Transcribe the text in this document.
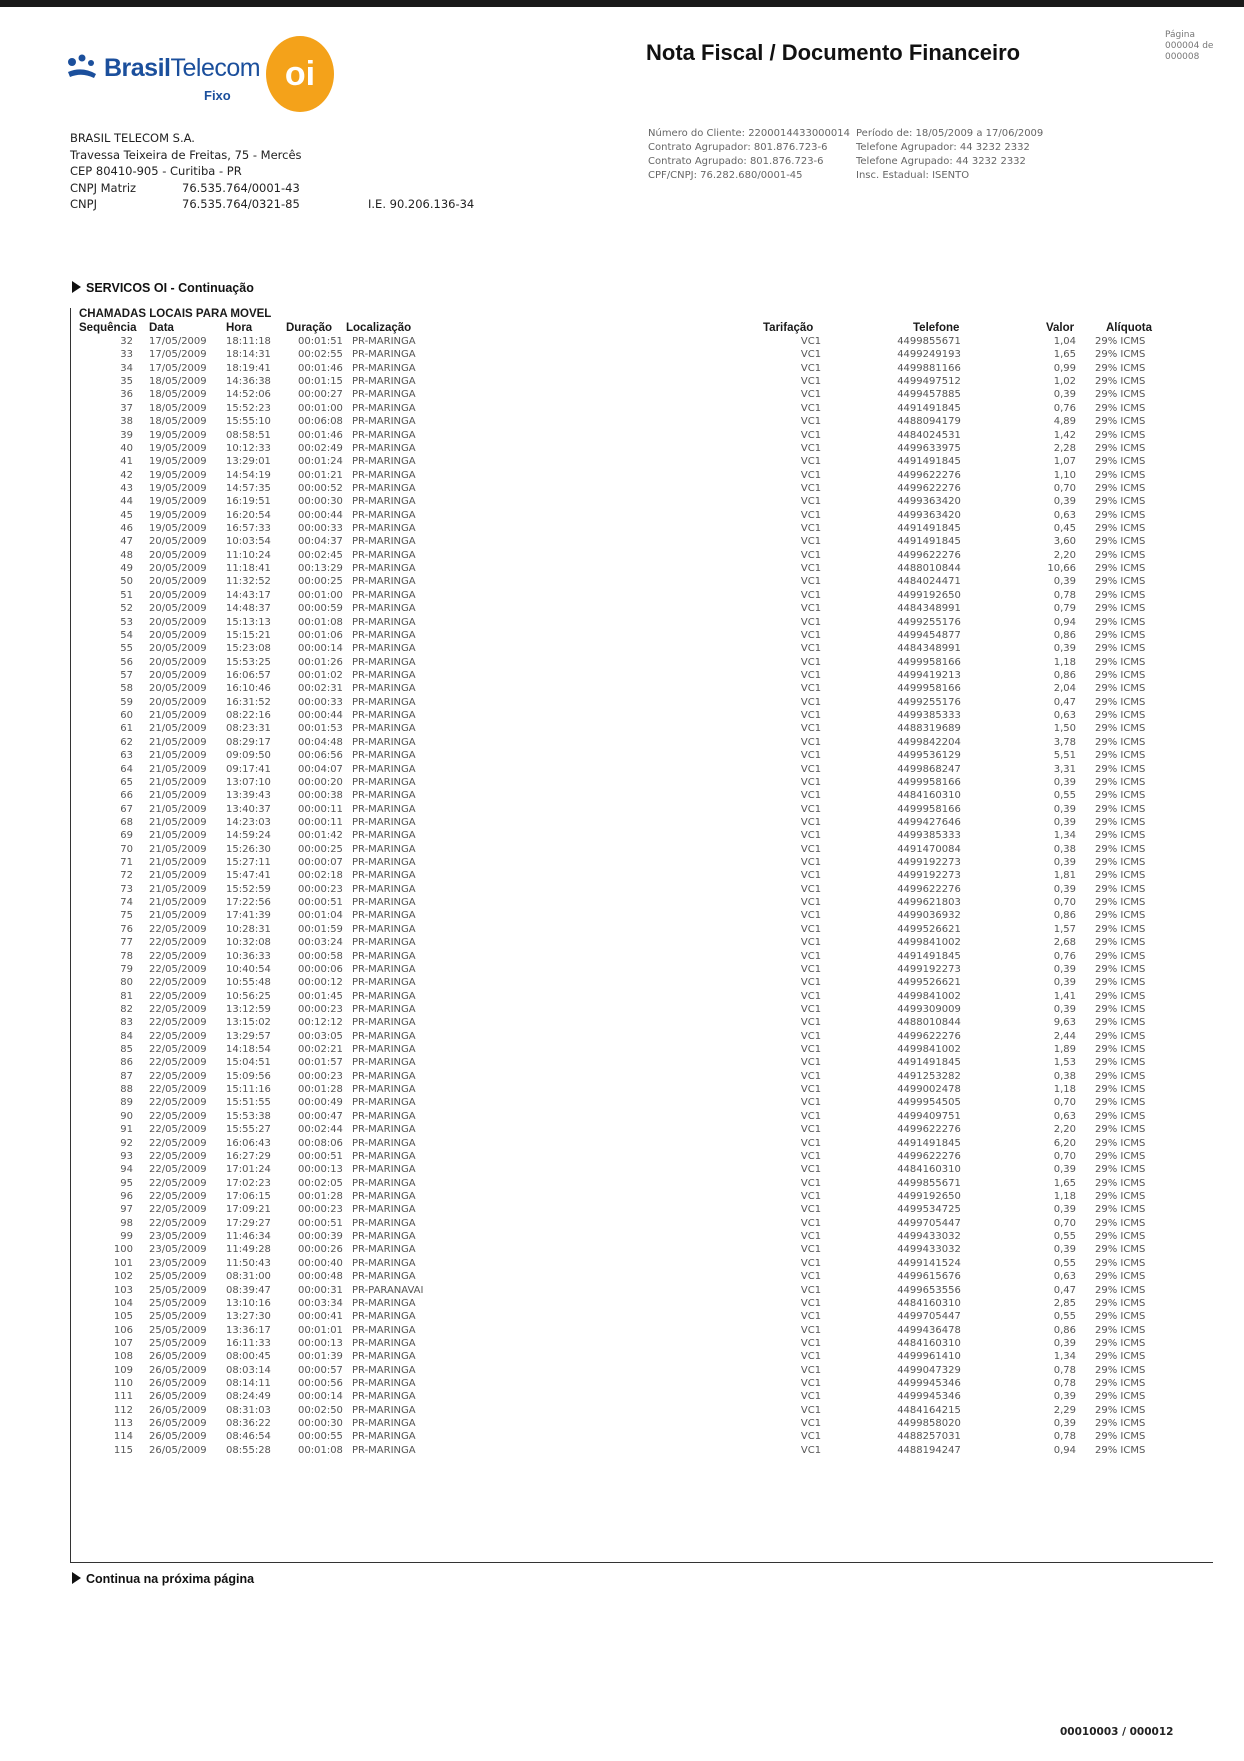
BrasilTelecom
Fixo
oi
Nota Fiscal / Documento Financeiro
Página
000004 de 000008
BRASIL TELECOM S.A.
Travessa Teixeira de Freitas, 75 - Mercês
CEP 80410-905 - Curitiba - PR
CNPJ Matriz	76.535.764/0001-43
CNPJ	76.535.764/0321-85	I.E. 90.206.136-34
Número do Cliente: 2200014433000014
Contrato Agrupador: 801.876.723-6
Contrato Agrupado: 801.876.723-6
CPF/CNPJ: 76.282.680/0001-45
Período de: 18/05/2009 a 17/06/2009
Telefone Agrupador: 44 3232 2332
Telefone Agrupado: 44 3232 2332
Insc. Estadual: ISENTO
SERVICOS OI - Continuação
CHAMADAS LOCAIS PARA MOVEL
Sequência Data	Hora	Duração Localização	Tarifação	Telefone	Valor	Alíquota
32 17/05/2009 18:11:18	00:01:51 PR-MARINGA	VC1	4499855671	1,04 29% ICMS
33 17/05/2009 18:14:31	00:02:55 PR-MARINGA	VC1	4499249193	1,65 29% ICMS
34 17/05/2009 18:19:41	00:01:46 PR-MARINGA	VC1	4499881166	0,99 29% ICMS
35 18/05/2009 14:36:38	00:01:15 PR-MARINGA	VC1	4499497512	1,02 29% ICMS
36 18/05/2009 14:52:06	00:00:27 PR-MARINGA	VC1	4499457885	0,39 29% ICMS
37 18/05/2009 15:52:23	00:01:00 PR-MARINGA	VC1	4491491845	0,76 29% ICMS
38 18/05/2009 15:55:10	00:06:08 PR-MARINGA	VC1	4488094179	4,89 29% ICMS
39 19/05/2009 08:58:51	00:01:46 PR-MARINGA	VC1	4484024531	1,42 29% ICMS
40 19/05/2009 10:12:33	00:02:49 PR-MARINGA	VC1	4499633975	2,28 29% ICMS
41 19/05/2009 13:29:01	00:01:24 PR-MARINGA	VC1	4491491845	1,07 29% ICMS
42 19/05/2009 14:54:19	00:01:21 PR-MARINGA	VC1	4499622276	1,10 29% ICMS
43 19/05/2009 14:57:35	00:00:52 PR-MARINGA	VC1	4499622276	0,70 29% ICMS
44 19/05/2009 16:19:51	00:00:30 PR-MARINGA	VC1	4499363420	0,39 29% ICMS
45 19/05/2009 16:20:54	00:00:44 PR-MARINGA	VC1	4499363420	0,63 29% ICMS
46 19/05/2009 16:57:33	00:00:33 PR-MARINGA	VC1	4491491845	0,45 29% ICMS
47 20/05/2009 10:03:54	00:04:37 PR-MARINGA	VC1	4491491845	3,60 29% ICMS
48 20/05/2009 11:10:24	00:02:45 PR-MARINGA	VC1	4499622276	2,20 29% ICMS
49 20/05/2009 11:18:41	00:13:29 PR-MARINGA	VC1	4488010844	10,66 29% ICMS
50 20/05/2009 11:32:52	00:00:25 PR-MARINGA	VC1	4484024471	0,39 29% ICMS
51 20/05/2009 14:43:17	00:01:00 PR-MARINGA	VC1	4499192650	0,78 29% ICMS
52 20/05/2009 14:48:37	00:00:59 PR-MARINGA	VC1	4484348991	0,79 29% ICMS
53 20/05/2009 15:13:13	00:01:08 PR-MARINGA	VC1	4499255176	0,94 29% ICMS
54 20/05/2009 15:15:21	00:01:06 PR-MARINGA	VC1	4499454877	0,86 29% ICMS
55 20/05/2009 15:23:08	00:00:14 PR-MARINGA	VC1	4484348991	0,39 29% ICMS
56 20/05/2009 15:53:25	00:01:26 PR-MARINGA	VC1	4499958166	1,18 29% ICMS
57 20/05/2009 16:06:57	00:01:02 PR-MARINGA	VC1	4499419213	0,86 29% ICMS
58 20/05/2009 16:10:46	00:02:31 PR-MARINGA	VC1	4499958166	2,04 29% ICMS
59 20/05/2009 16:31:52	00:00:33 PR-MARINGA	VC1	4499255176	0,47 29% ICMS
60 21/05/2009 08:22:16	00:00:44 PR-MARINGA	VC1	4499385333	0,63 29% ICMS
61 21/05/2009 08:23:31	00:01:53 PR-MARINGA	VC1	4488319689	1,50 29% ICMS
62 21/05/2009 08:29:17	00:04:48 PR-MARINGA	VC1	4499842204	3,78 29% ICMS
63 21/05/2009 09:09:50	00:06:56 PR-MARINGA	VC1	4499536129	5,51 29% ICMS
64 21/05/2009 09:17:41	00:04:07 PR-MARINGA	VC1	4499868247	3,31 29% ICMS
65 21/05/2009 13:07:10	00:00:20 PR-MARINGA	VC1	4499958166	0,39 29% ICMS
66 21/05/2009 13:39:43	00:00:38 PR-MARINGA	VC1	4484160310	0,55 29% ICMS
67 21/05/2009 13:40:37	00:00:11 PR-MARINGA	VC1	4499958166	0,39 29% ICMS
68 21/05/2009 14:23:03	00:00:11 PR-MARINGA	VC1	4499427646	0,39 29% ICMS
69 21/05/2009 14:59:24	00:01:42 PR-MARINGA	VC1	4499385333	1,34 29% ICMS
70 21/05/2009 15:26:30	00:00:25 PR-MARINGA	VC1	4491470084	0,38 29% ICMS
71 21/05/2009 15:27:11	00:00:07 PR-MARINGA	VC1	4499192273	0,39 29% ICMS
72 21/05/2009 15:47:41	00:02:18 PR-MARINGA	VC1	4499192273	1,81 29% ICMS
73 21/05/2009 15:52:59	00:00:23 PR-MARINGA	VC1	4499622276	0,39 29% ICMS
74 21/05/2009 17:22:56	00:00:51 PR-MARINGA	VC1	4499621803	0,70 29% ICMS
75 21/05/2009 17:41:39	00:01:04 PR-MARINGA	VC1	4499036932	0,86 29% ICMS
76 22/05/2009 10:28:31	00:01:59 PR-MARINGA	VC1	4499526621	1,57 29% ICMS
77 22/05/2009 10:32:08	00:03:24 PR-MARINGA	VC1	4499841002	2,68 29% ICMS
78 22/05/2009 10:36:33	00:00:58 PR-MARINGA	VC1	4491491845	0,76 29% ICMS
79 22/05/2009 10:40:54	00:00:06 PR-MARINGA	VC1	4499192273	0,39 29% ICMS
80 22/05/2009 10:55:48	00:00:12 PR-MARINGA	VC1	4499526621	0,39 29% ICMS
81 22/05/2009 10:56:25	00:01:45 PR-MARINGA	VC1	4499841002	1,41 29% ICMS
82 22/05/2009 13:12:59	00:00:23 PR-MARINGA	VC1	4499309009	0,39 29% ICMS
83 22/05/2009 13:15:02	00:12:12 PR-MARINGA	VC1	4488010844	9,63 29% ICMS
84 22/05/2009 13:29:57	00:03:05 PR-MARINGA	VC1	4499622276	2,44 29% ICMS
85 22/05/2009 14:18:54	00:02:21 PR-MARINGA	VC1	4499841002	1,89 29% ICMS
86 22/05/2009 15:04:51	00:01:57 PR-MARINGA	VC1	4491491845	1,53 29% ICMS
87 22/05/2009 15:09:56	00:00:23 PR-MARINGA	VC1	4491253282	0,38 29% ICMS
88 22/05/2009 15:11:16	00:01:28 PR-MARINGA	VC1	4499002478	1,18 29% ICMS
89 22/05/2009 15:51:55	00:00:49 PR-MARINGA	VC1	4499954505	0,70 29% ICMS
90 22/05/2009 15:53:38	00:00:47 PR-MARINGA	VC1	4499409751	0,63 29% ICMS
91 22/05/2009 15:55:27	00:02:44 PR-MARINGA	VC1	4499622276	2,20 29% ICMS
92 22/05/2009 16:06:43	00:08:06 PR-MARINGA	VC1	4491491845	6,20 29% ICMS
93 22/05/2009 16:27:29	00:00:51 PR-MARINGA	VC1	4499622276	0,70 29% ICMS
94 22/05/2009 17:01:24	00:00:13 PR-MARINGA	VC1	4484160310	0,39 29% ICMS
95 22/05/2009 17:02:23	00:02:05 PR-MARINGA	VC1	4499855671	1,65 29% ICMS
96 22/05/2009 17:06:15	00:01:28 PR-MARINGA	VC1	4499192650	1,18 29% ICMS
97 22/05/2009 17:09:21	00:00:23 PR-MARINGA	VC1	4499534725	0,39 29% ICMS
98 22/05/2009 17:29:27	00:00:51 PR-MARINGA	VC1	4499705447	0,70 29% ICMS
99 23/05/2009 11:46:34	00:00:39 PR-MARINGA	VC1	4499433032	0,55 29% ICMS
100 23/05/2009 11:49:28	00:00:26 PR-MARINGA	VC1	4499433032	0,39 29% ICMS
101 23/05/2009 11:50:43	00:00:40 PR-MARINGA	VC1	4499141524	0,55 29% ICMS
102 25/05/2009 08:31:00	00:00:48 PR-MARINGA	VC1	4499615676	0,63 29% ICMS
103 25/05/2009 08:39:47	00:00:31 PR-PARANAVAI	VC1	4499653556	0,47 29% ICMS
104 25/05/2009 13:10:16	00:03:34 PR-MARINGA	VC1	4484160310	2,85 29% ICMS
105 25/05/2009 13:27:30	00:00:41 PR-MARINGA	VC1	4499705447	0,55 29% ICMS
106 25/05/2009 13:36:17	00:01:01 PR-MARINGA	VC1	4499436478	0,86 29% ICMS
107 25/05/2009 16:11:33	00:00:13 PR-MARINGA	VC1	4484160310	0,39 29% ICMS
108 26/05/2009 08:00:45	00:01:39 PR-MARINGA	VC1	4499961410	1,34 29% ICMS
109 26/05/2009 08:03:14	00:00:57 PR-MARINGA	VC1	4499047329	0,78 29% ICMS
110 26/05/2009 08:14:11	00:00:56 PR-MARINGA	VC1	4499945346	0,78 29% ICMS
111 26/05/2009 08:24:49	00:00:14 PR-MARINGA	VC1	4499945346	0,39 29% ICMS
112 26/05/2009 08:31:03	00:02:50 PR-MARINGA	VC1	4484164215	2,29 29% ICMS
113 26/05/2009 08:36:22	00:00:30 PR-MARINGA	VC1	4499858020	0,39 29% ICMS
114 26/05/2009 08:46:54	00:00:55 PR-MARINGA	VC1	4488257031	0,78 29% ICMS
115 26/05/2009 08:55:28	00:01:08 PR-MARINGA	VC1	4488194247	0,94 29% ICMS
Continua na próxima página
00010003 / 000012
